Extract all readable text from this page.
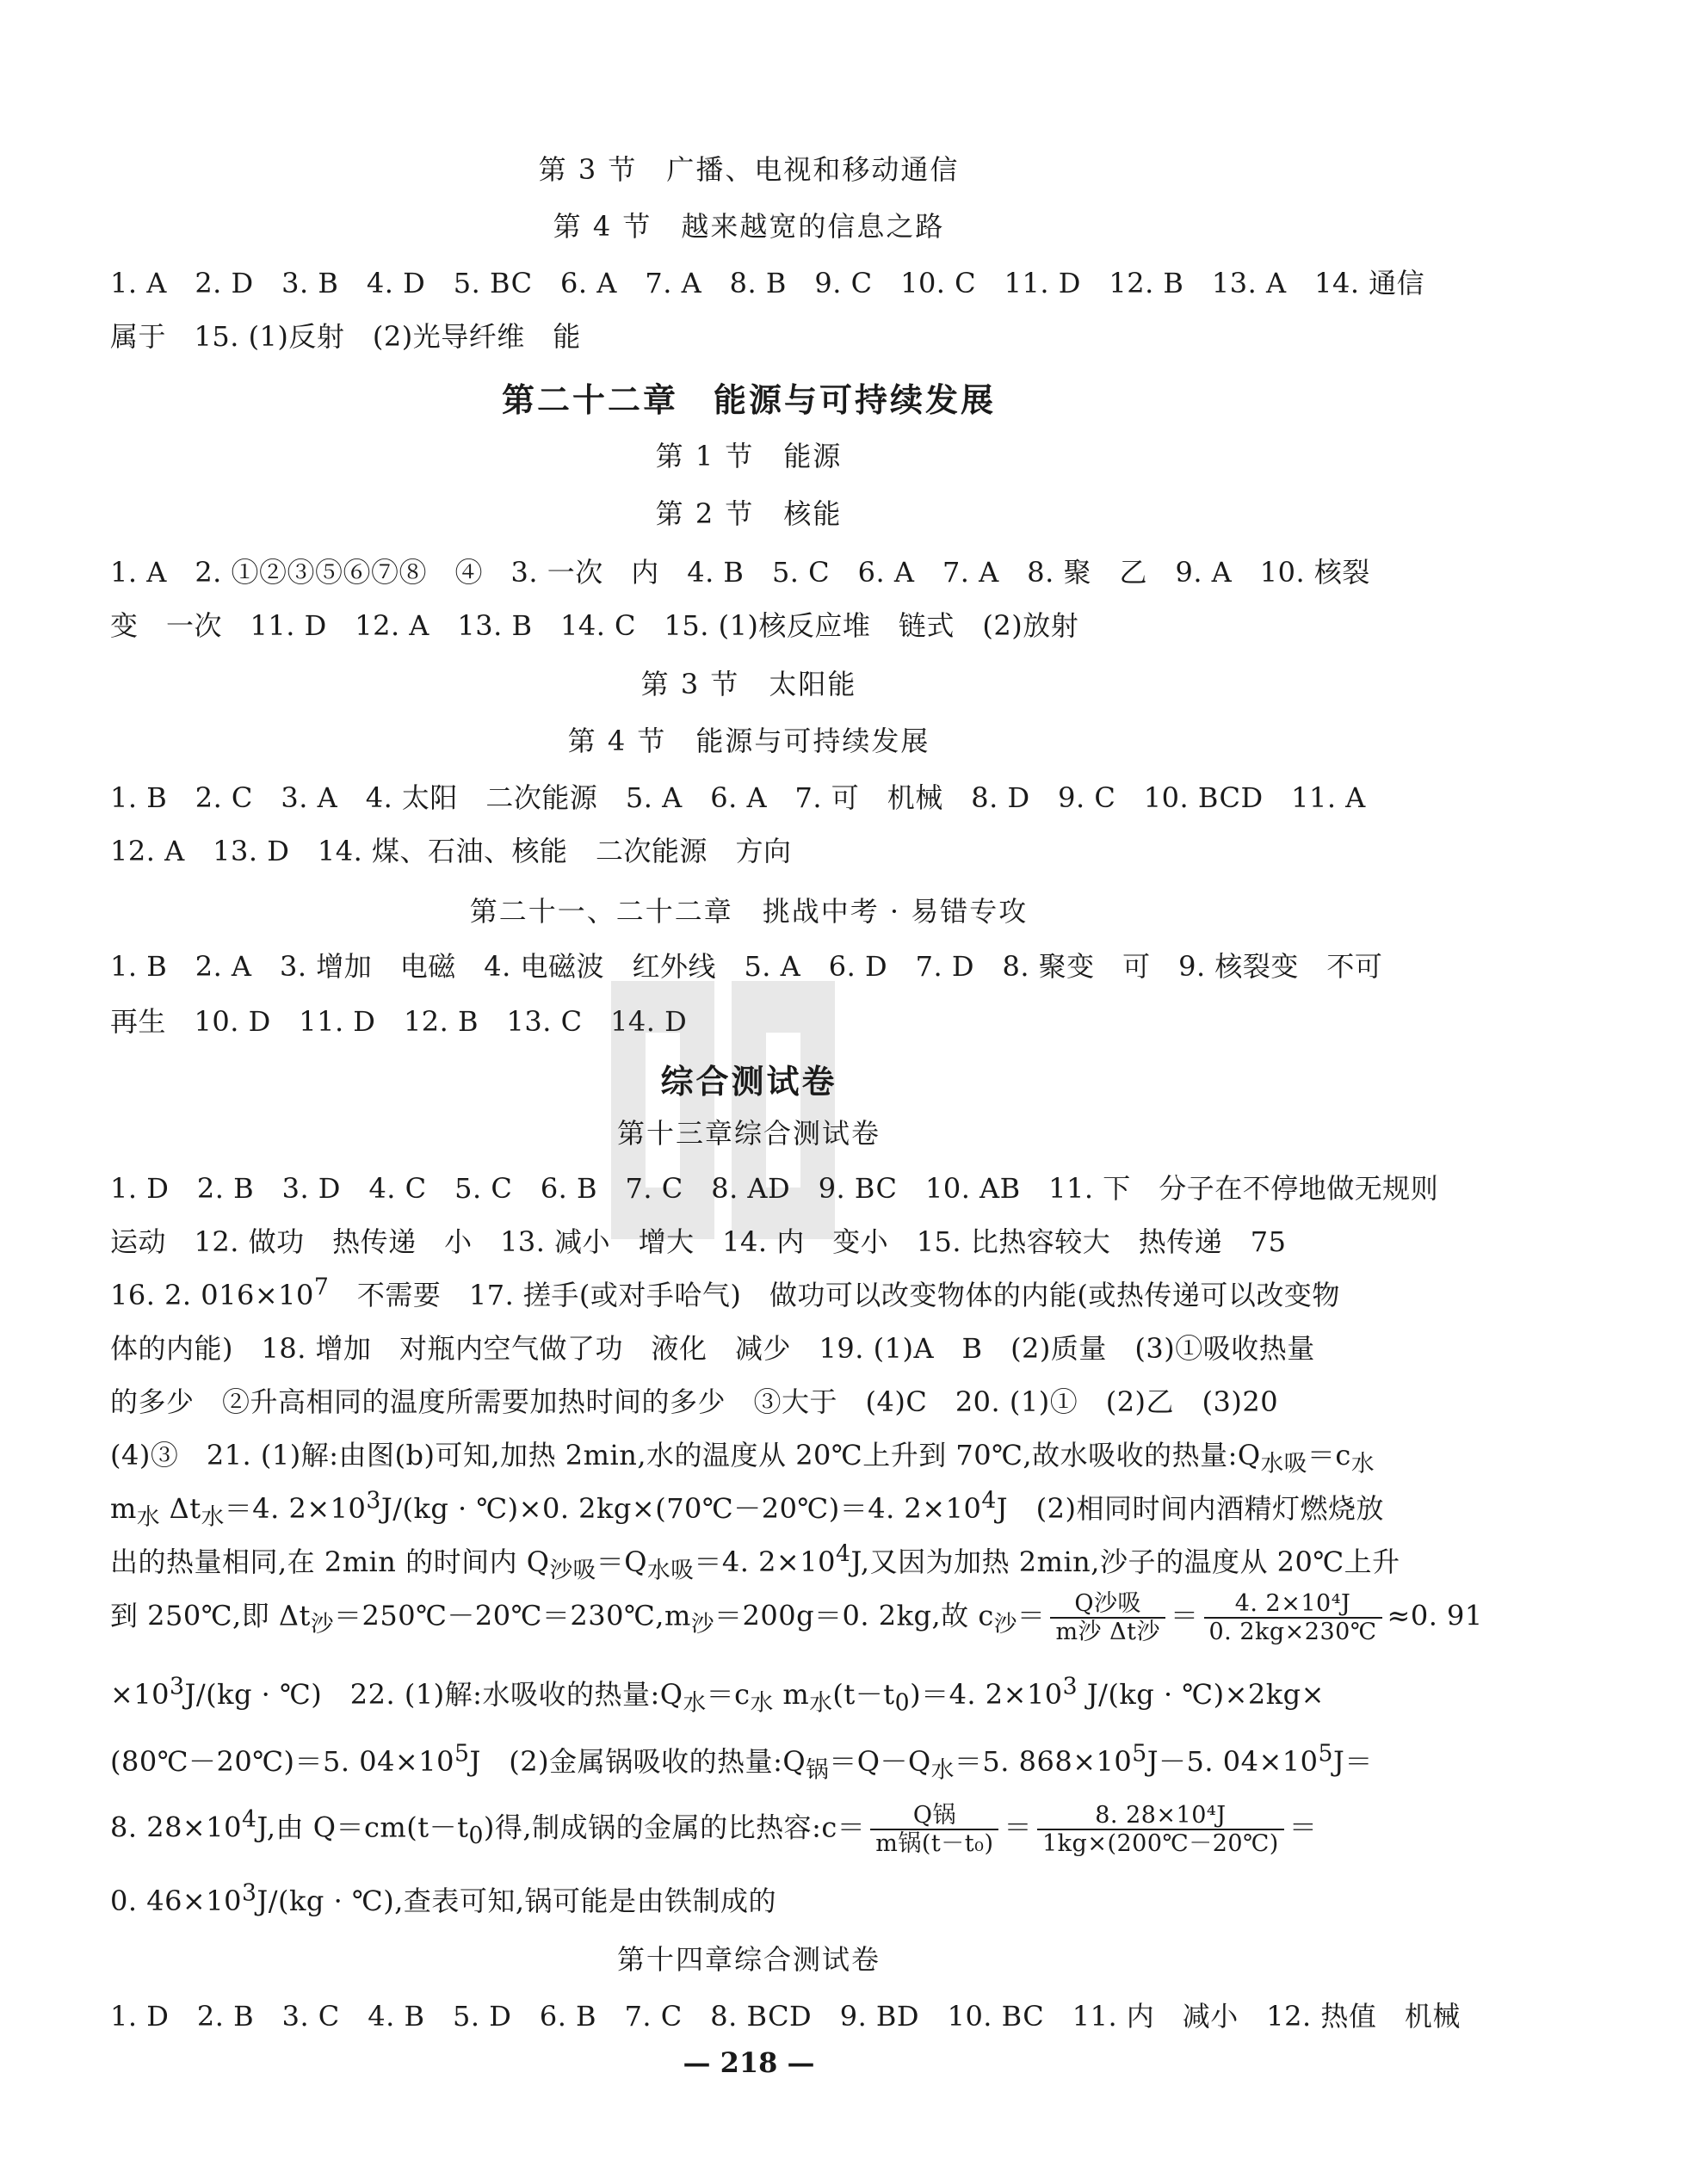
第 3 节　广播、电视和移动通信
第 4 节　越来越宽的信息之路
1. A　2. D　3. B　4. D　5. BC　6. A　7. A　8. B　9. C　10. C　11. D　12. B　13. A　14. 通信
属于　15. (1)反射　(2)光导纤维　能
第二十二章　能源与可持续发展
第 1 节　能源
第 2 节　核能
1. A　2. ①②③⑤⑥⑦⑧　④　3. 一次　内　4. B　5. C　6. A　7. A　8. 聚　乙　9. A　10. 核裂
变　一次　11. D　12. A　13. B　14. C　15. (1)核反应堆　链式　(2)放射
第 3 节　太阳能
第 4 节　能源与可持续发展
1. B　2. C　3. A　4. 太阳　二次能源　5. A　6. A　7. 可　机械　8. D　9. C　10. BCD　11. A
12. A　13. D　14. 煤、石油、核能　二次能源　方向
第二十一、二十二章　挑战中考 · 易错专攻
1. B　2. A　3. 增加　电磁　4. 电磁波　红外线　5. A　6. D　7. D　8. 聚变　可　9. 核裂变　不可
再生　10. D　11. D　12. B　13. C　14. D
综合测试卷
第十三章综合测试卷
1. D　2. B　3. D　4. C　5. C　6. B　7. C　8. AD　9. BC　10. AB　11. 下　分子在不停地做无规则
运动　12. 做功　热传递　小　13. 减小　增大　14. 内　变小　15. 比热容较大　热传递　75
16. 2. $016\times 10^7$　不需要　17. 搓手(或对手哈气)　做功可以改变物体的内能(或热传递可以改变物
体的内能)　18. 增加　对瓶内空气做了功　液化　减少　19. (1)A　B　(2)质量　(3)①吸收热量
的多少　②升高相同的温度所需要加热时间的多少　③大于　(4)C　20. (1)①　(2)乙　(3)20
(4)③　21. (1)解:由图(b)可知,加热 2min,水的温度从 20℃上升到 70℃,故水吸收的热量$:Q_{水吸}=c_水$
$m_水$ $\Delta t_水=4$. $2\times 10^3J/(kg$ · ℃)×0. 2kg×(70℃－20℃)＝4. $2\times 10^4J$　(2)相同时间内酒精灯燃烧放
出的热量相同,在 2min 的时间内 $Q_{沙吸}=Q_{水吸}=4$. $2\times 10^4J$,又因为加热 2min,沙子的温度从 20℃上升
到 250℃,即 $\Delta t_沙=250℃-20℃=230℃,m_沙=200g=0$. 2kg,故 $c_沙= \frac{\text{Q沙吸}}{\text{m沙 Δt沙}} = \frac{\text{4. 2×10⁴J}}{0. 2kg\times 230℃} \approx 0$. 91
$\times 10^3J/(kg$ · ℃)　22. (1)解:水吸收的热量$:Q_水=c_水$ $m_水(t-t_0)=4$. $2\times 10^3$ J/(kg · ℃)×2kg×
(80℃－20℃)＝5. $04\times 10^5J$　(2)金属锅吸收的热量$:Q_锅=Q-Q_水=5$. $868\times 10^5J-5$. $04\times 10^5J=$
8. $28\times 10^4J$,由 $Q=cm(t-t_0)$得,制成锅的金属的比热容:c＝ $\frac{\text{Q锅}}{\text{m锅(t－t₀)}} = \frac{\text{8. 28×10⁴J}}{1kg\times(200℃-20℃)}$ ＝
0. $46\times 10^3J/(kg$ · ℃),查表可知,锅可能是由铁制成的
第十四章综合测试卷
1. D　2. B　3. C　4. B　5. D　6. B　7. C　8. BCD　9. BD　10. BC　11. 内　减小　12. 热值　机械
— 218 —
